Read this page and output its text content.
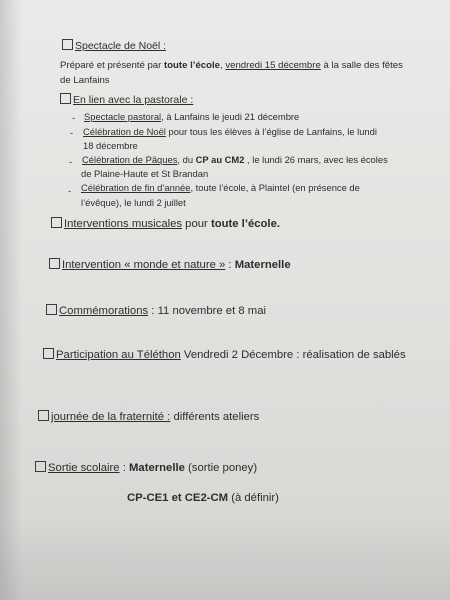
Spectacle de Noël :
Préparé et présenté par toute l’école, vendredi 15 décembre à la salle des fêtes
de Lanfains
En lien avec la pastorale :
- Spectacle pastoral, à Lanfains le jeudi 21 décembre
- Célébration de Noël pour tous les élèves à l’église de Lanfains, le lundi
18 décembre
- Célébration de Pâques, du CP au CM2 , le lundi 26 mars, avec les écoles
de Plaine-Haute et St Brandan
- Célébration de fin d’année, toute l’école, à Plaintel (en présence de
l’évêque), le lundi 2 juillet
Interventions musicales pour toute l’école.
Intervention « monde et nature » : Maternelle
Commémorations : 11 novembre et 8 mai
Participation au Téléthon Vendredi 2 Décembre : réalisation de sablés
journée de la fraternité : différents ateliers
Sortie scolaire : Maternelle (sortie poney)
CP-CE1 et CE2-CM (à définir)
